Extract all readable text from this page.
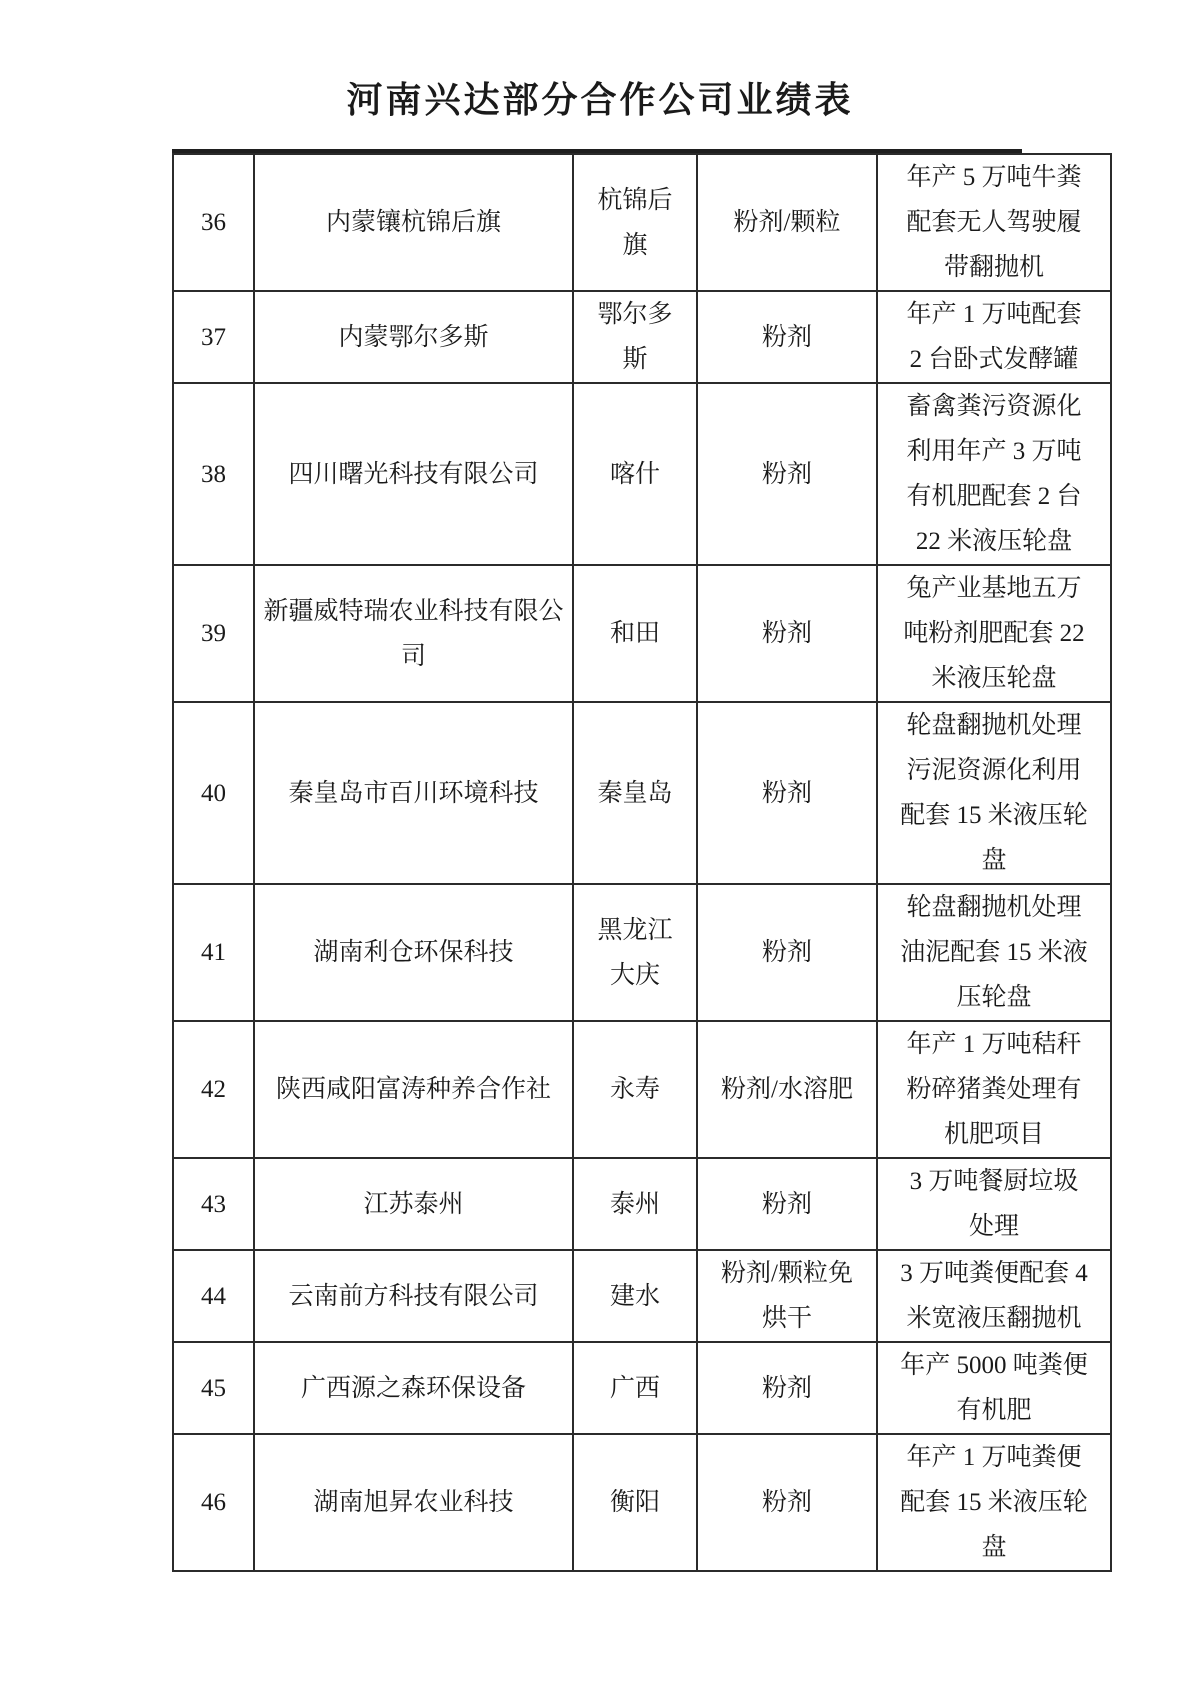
河南兴达部分合作公司业绩表
36	内蒙镶杭锦后旗	杭锦后旗	粉剂/颗粒	年产 5 万吨牛粪配套无人驾驶履带翻抛机
37	内蒙鄂尔多斯	鄂尔多斯	粉剂	年产 1 万吨配套 2 台卧式发酵罐
38	四川曙光科技有限公司	喀什	粉剂	畜禽粪污资源化利用年产 3 万吨有机肥配套 2 台 22 米液压轮盘
39	新疆威特瑞农业科技有限公司	和田	粉剂	兔产业基地五万吨粉剂肥配套 22 米液压轮盘
40	秦皇岛市百川环境科技	秦皇岛	粉剂	轮盘翻抛机处理污泥资源化利用配套 15 米液压轮盘
41	湖南利仓环保科技	黑龙江大庆	粉剂	轮盘翻抛机处理油泥配套 15 米液压轮盘
42	陕西咸阳富涛种养合作社	永寿	粉剂/水溶肥	年产 1 万吨秸秆粉碎猪粪处理有机肥项目
43	江苏泰州	泰州	粉剂	3 万吨餐厨垃圾处理
44	云南前方科技有限公司	建水	粉剂/颗粒免烘干	3 万吨粪便配套 4 米宽液压翻抛机
45	广西源之森环保设备	广西	粉剂	年产 5000 吨粪便有机肥
46	湖南旭昇农业科技	衡阳	粉剂	年产 1 万吨粪便配套 15 米液压轮盘
